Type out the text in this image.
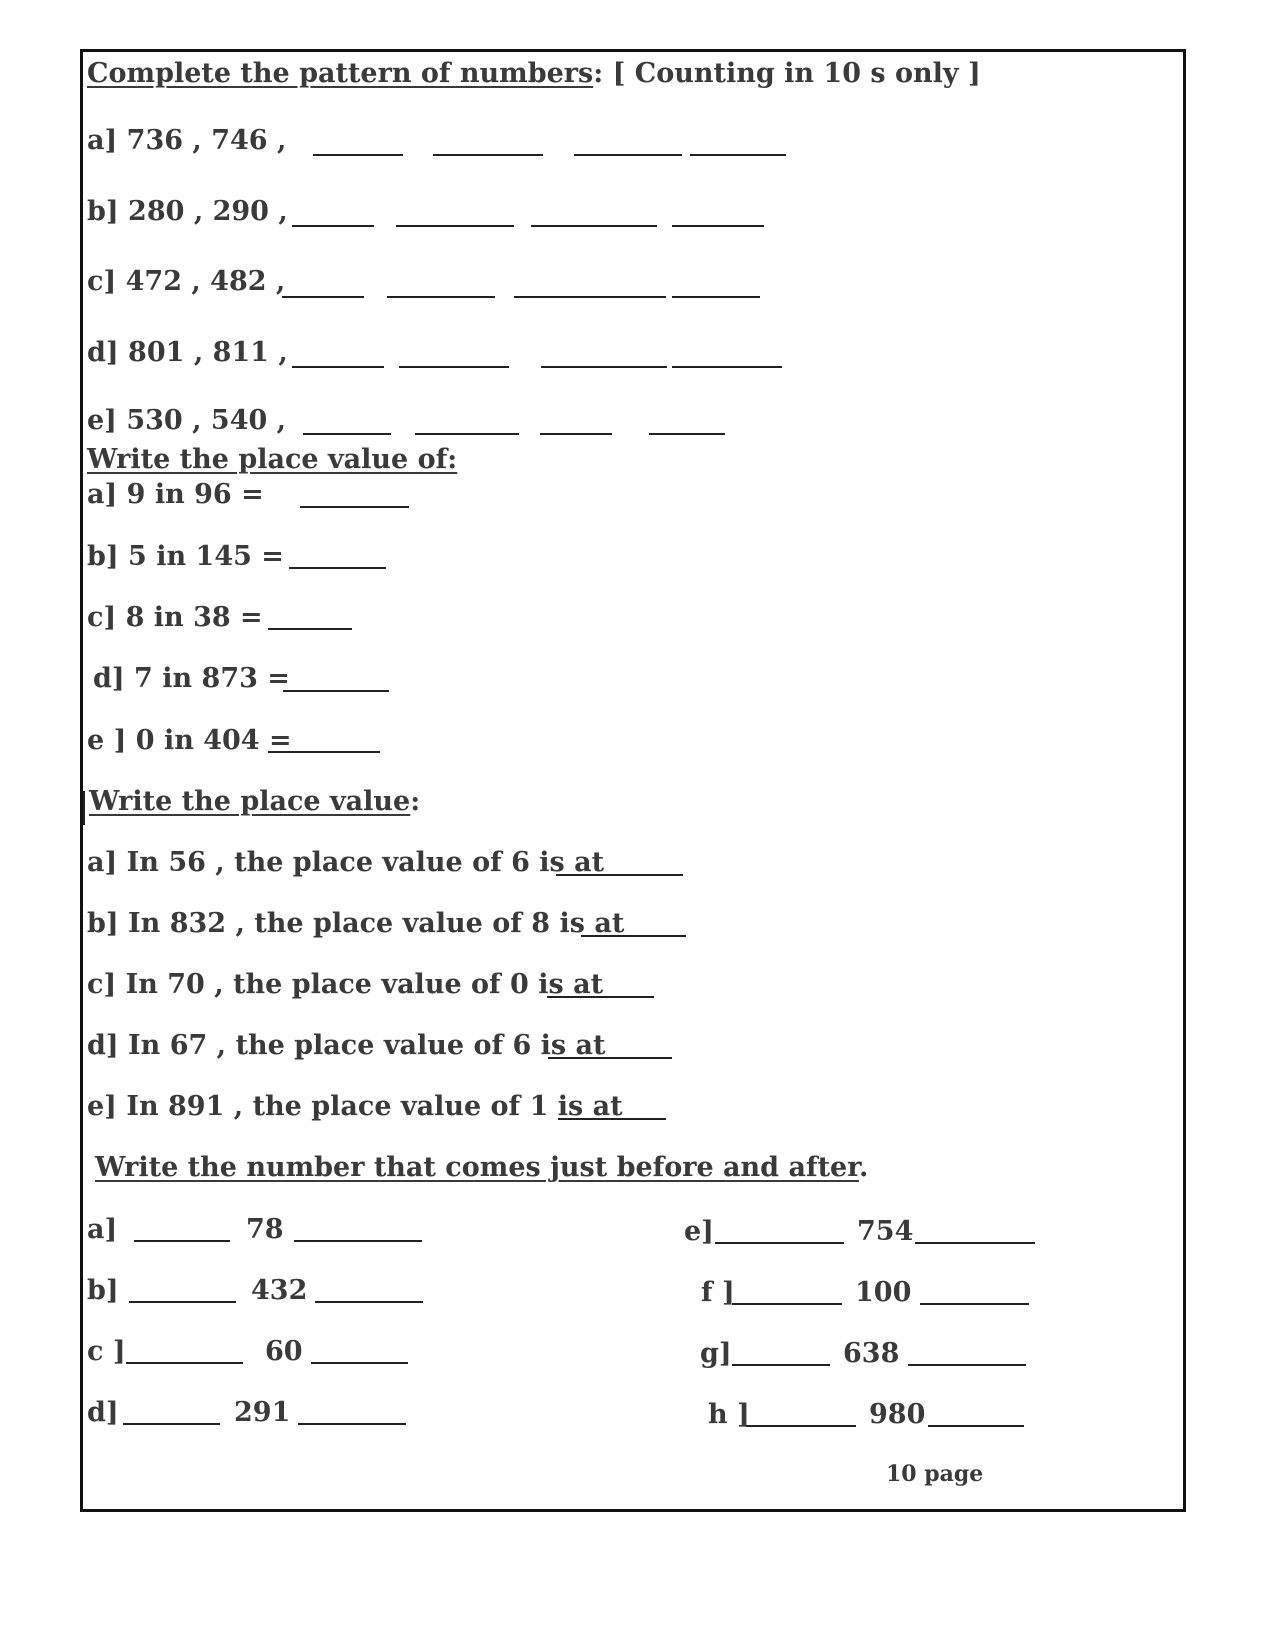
Complete the pattern of numbers: [ Counting in 10 s only ]
a] 736 , 746 ,
b] 280 , 290 ,
c] 472 , 482 ,
d] 801 , 811 ,
e] 530 , 540 ,
Write the place value of:
a] 9 in 96 =
b] 5 in 145 =
c] 8 in 38 =
d] 7 in 873 =
e ] 0 in 404 =
Write the place value:
a] In 56 , the place value of 6 is at
b] In 832 , the place value of 8 is at
c] In 70 , the place value of 0 is at
d] In 67 , the place value of 6 is at
e] In 891 , the place value of 1 is at
Write the number that comes just before and after.
a]	78
b]	432
c ]	60
d]	291
e]	754
f ]	100
g]	638
h ]	980
10 page
